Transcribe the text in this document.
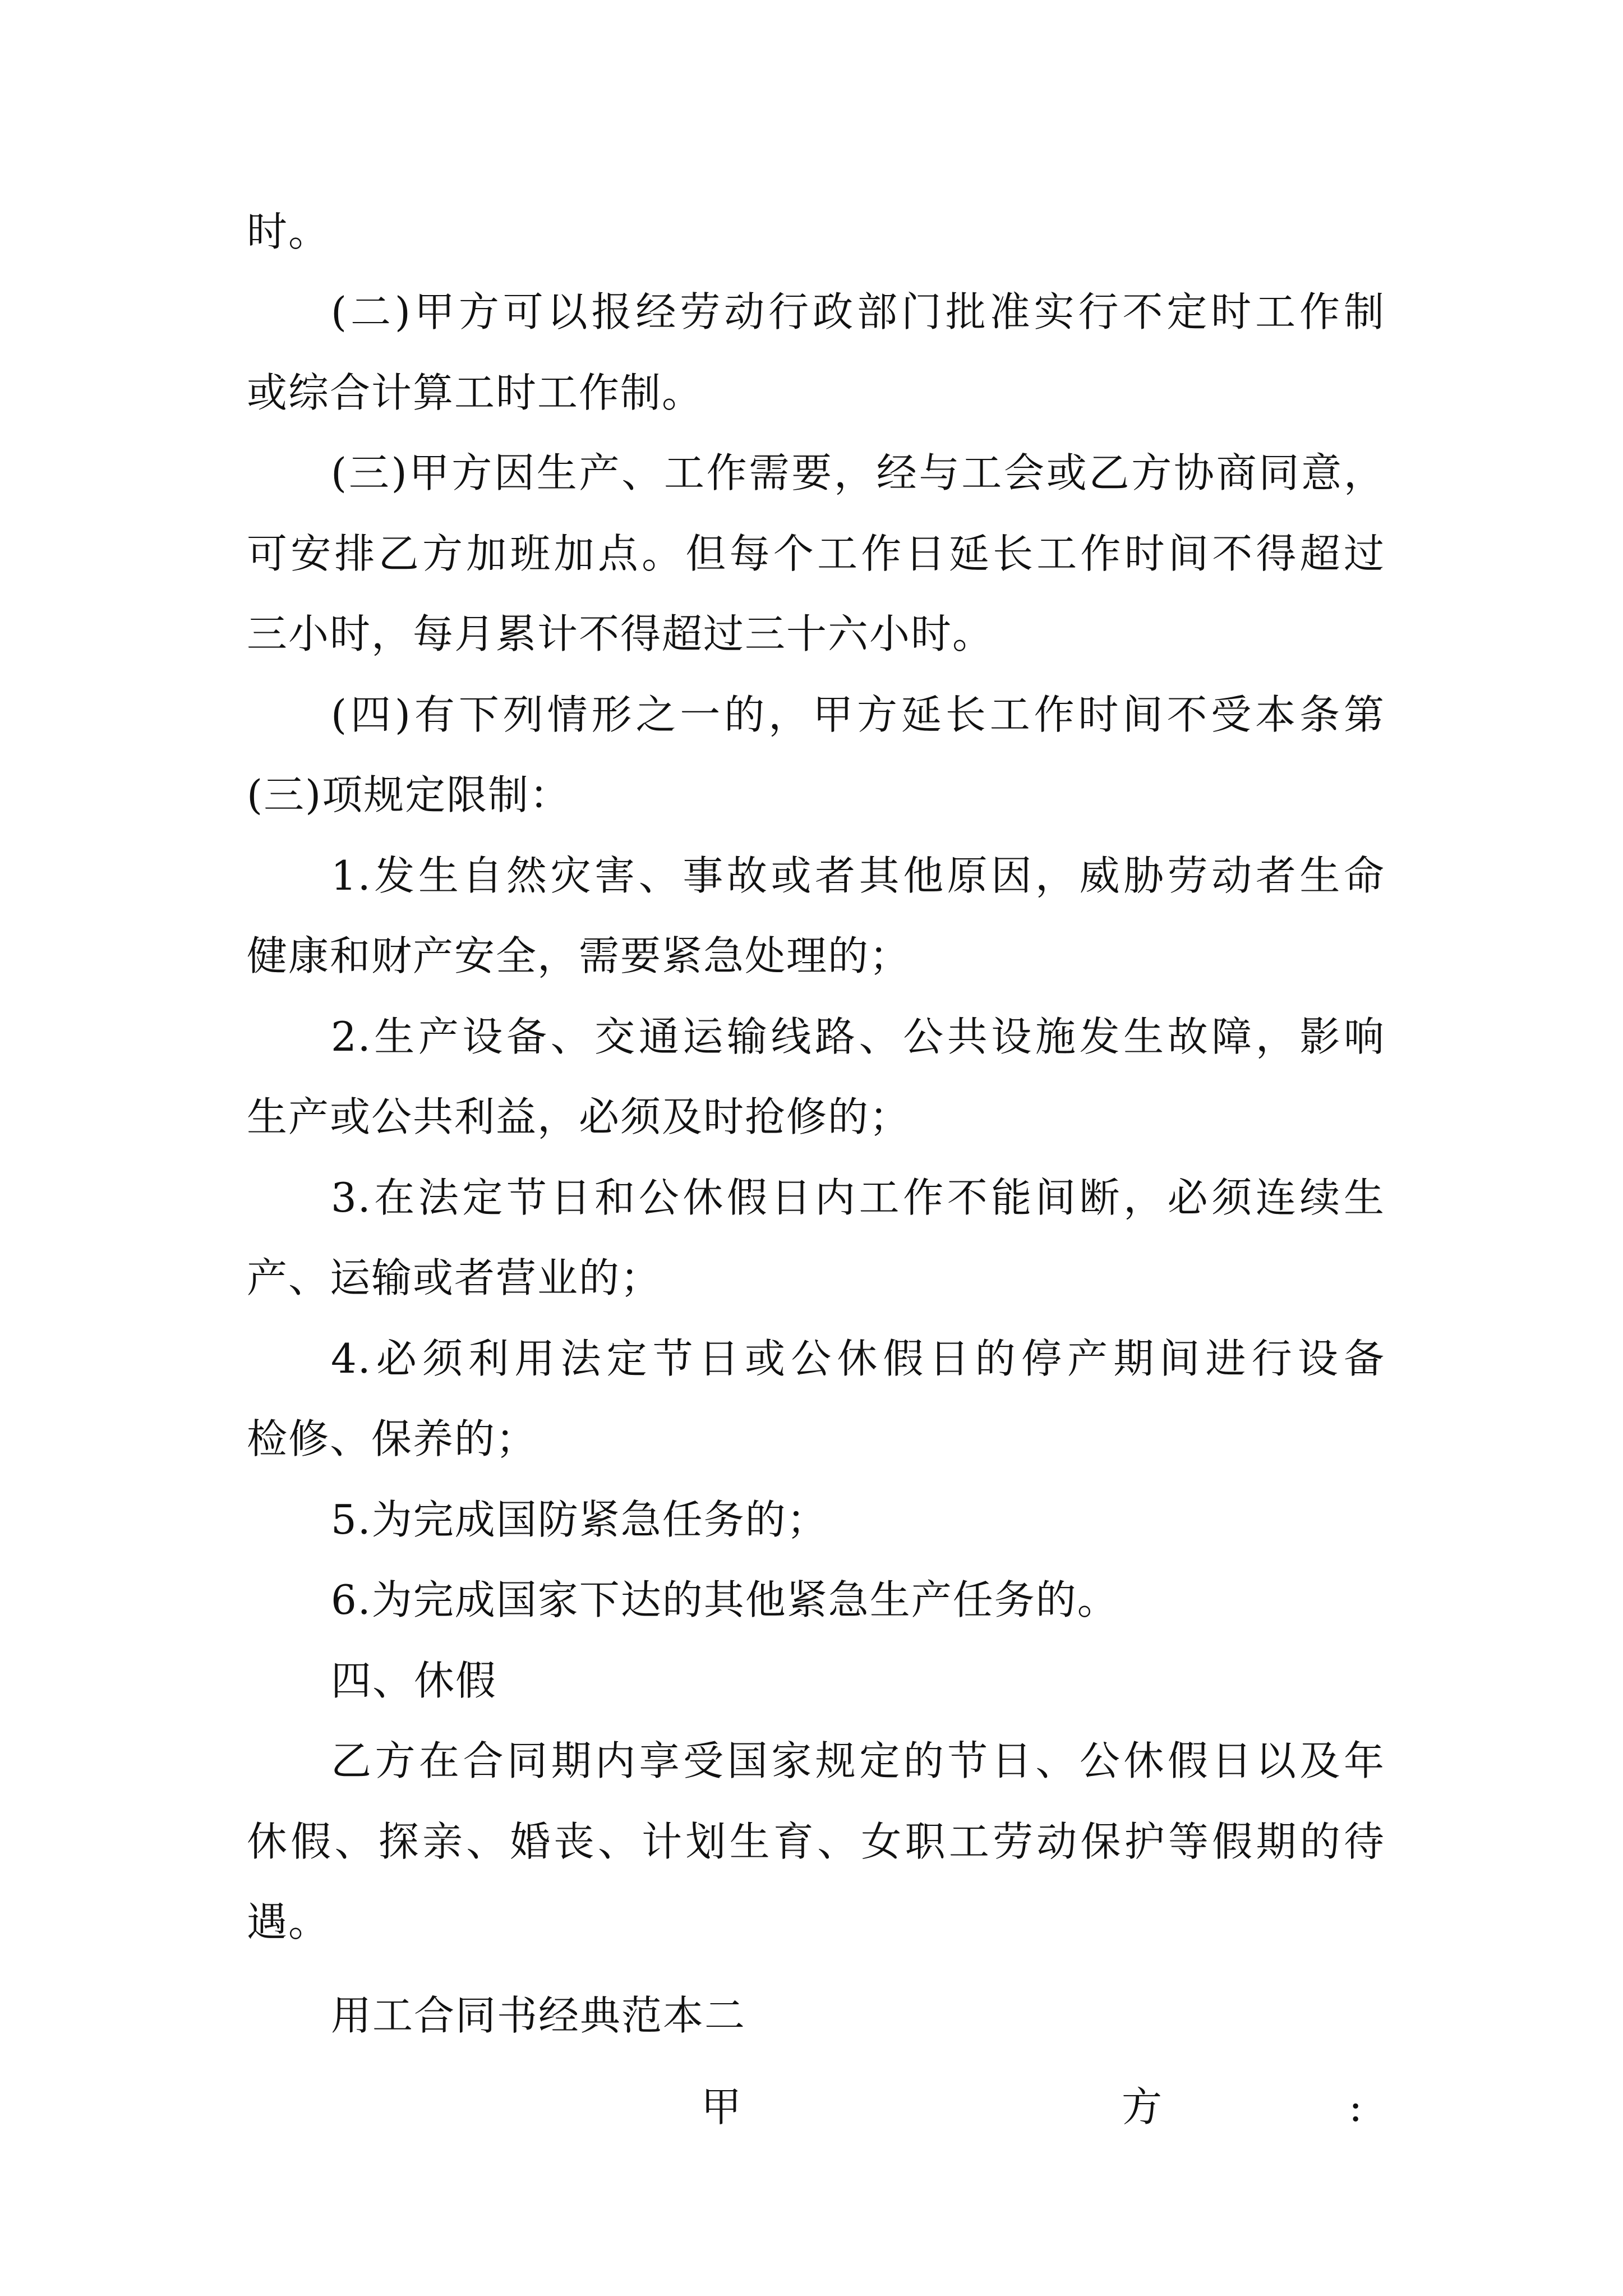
时。
(二)甲方可以报经劳动行政部门批准实行不定时工作制
或综合计算工时工作制。
(三)甲方因生产、工作需要，经与工会或乙方协商同意，
可安排乙方加班加点。但每个工作日延长工作时间不得超过
三小时，每月累计不得超过三十六小时。
(四)有下列情形之一的，甲方延长工作时间不受本条第
(三)项规定限制：
1.发生自然灾害、事故或者其他原因，威胁劳动者生命
健康和财产安全，需要紧急处理的；
2.生产设备、交通运输线路、公共设施发生故障，影响
生产或公共利益，必须及时抢修的；
3.在法定节日和公休假日内工作不能间断，必须连续生
产、运输或者营业的；
4.必须利用法定节日或公休假日的停产期间进行设备
检修、保养的；
5.为完成国防紧急任务的；
6.为完成国家下达的其他紧急生产任务的。
四、休假
乙方在合同期内享受国家规定的节日、公休假日以及年
休假、探亲、婚丧、计划生育、女职工劳动保护等假期的待
遇。
用工合同书经典范本二
甲	方	:
